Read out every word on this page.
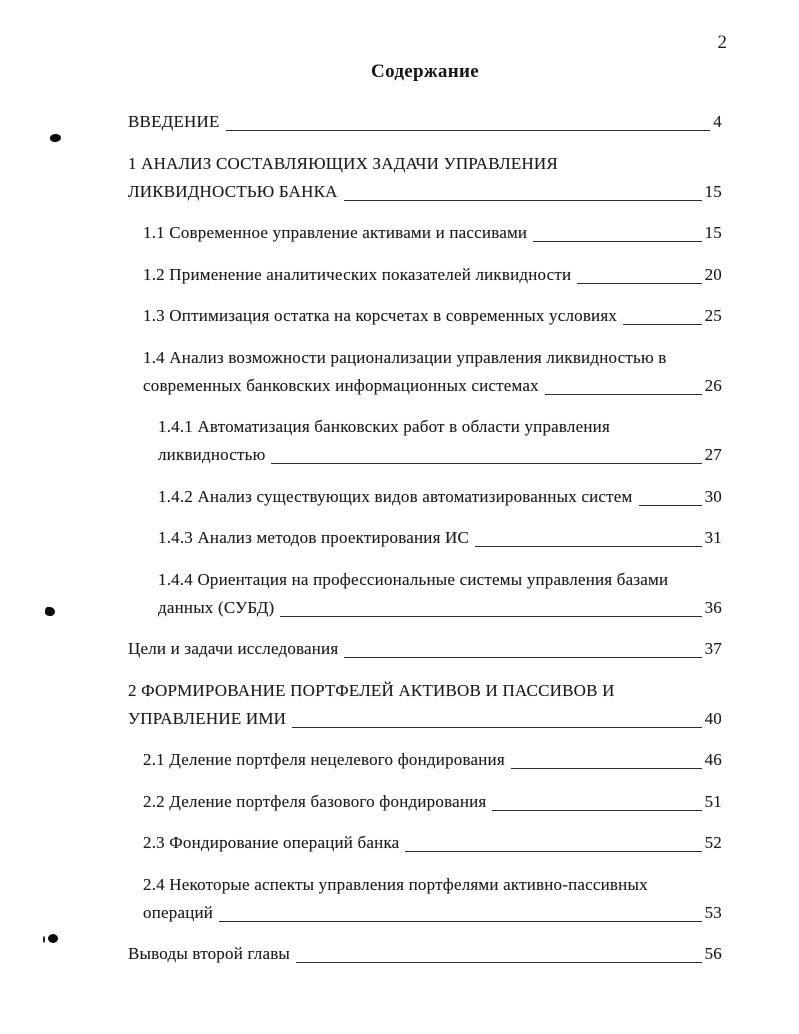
2
Содержание
ВВЕДЕНИЕ	4
1 АНАЛИЗ СОСТАВЛЯЮЩИХ ЗАДАЧИ УПРАВЛЕНИЯ
ЛИКВИДНОСТЬЮ БАНКА	15
1.1 Современное управление активами и пассивами	15
1.2 Применение аналитических показателей ликвидности	20
1.3 Оптимизация остатка на корсчетах в современных условиях	25
1.4 Анализ возможности рационализации управления ликвидностью в
современных банковских информационных системах	26
1.4.1 Автоматизация банковских работ в области управления
ликвидностью	27
1.4.2 Анализ существующих видов автоматизированных систем	30
1.4.3 Анализ методов проектирования ИС	31
1.4.4 Ориентация на профессиональные системы управления базами
данных (СУБД)	36
Цели и задачи исследования	37
2 ФОРМИРОВАНИЕ ПОРТФЕЛЕЙ АКТИВОВ И ПАССИВОВ И
УПРАВЛЕНИЕ ИМИ	40
2.1 Деление портфеля нецелевого фондирования	46
2.2 Деление портфеля базового фондирования	51
2.3 Фондирование операций банка	52
2.4 Некоторые аспекты управления портфелями активно-пассивных
операций	53
Выводы второй главы	56
